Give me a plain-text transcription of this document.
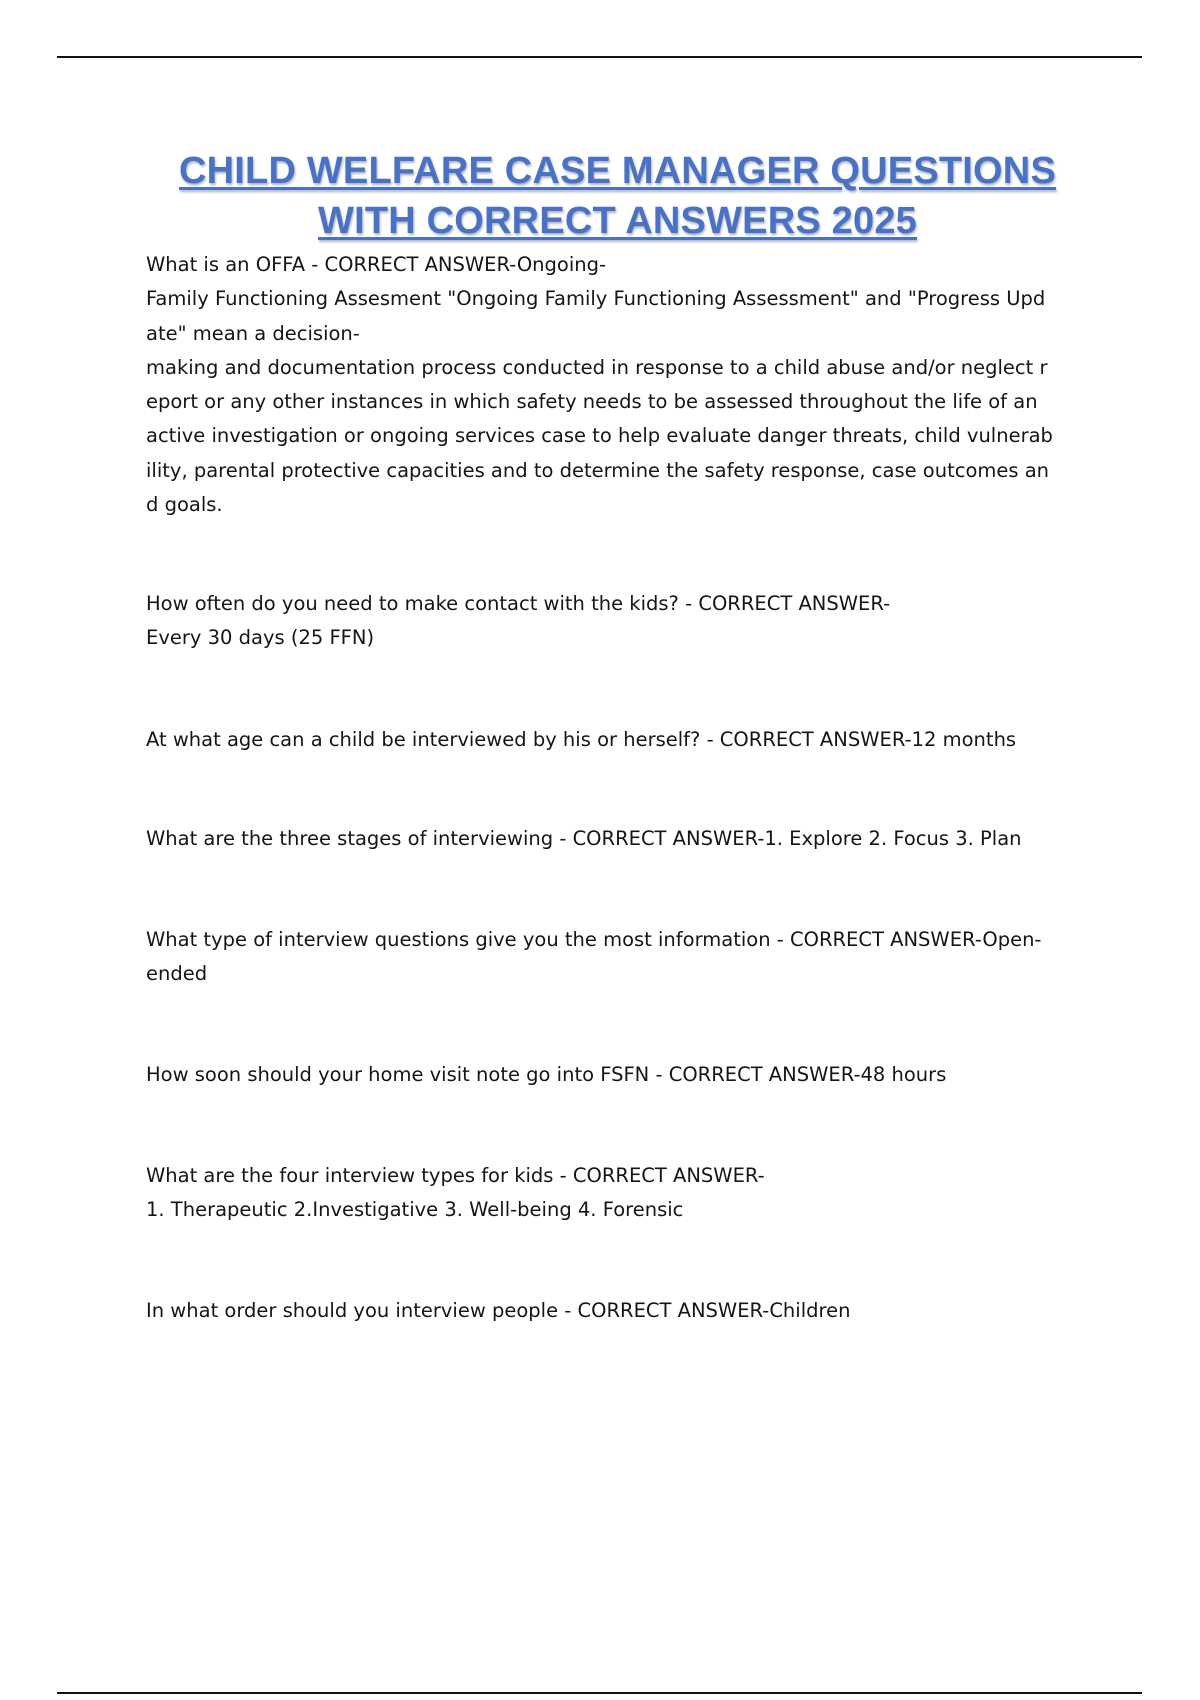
CHILD WELFARE CASE MANAGER QUESTIONS
WITH CORRECT ANSWERS 2025

What is an OFFA - CORRECT ANSWER-Ongoing-

Family Functioning Assesment "Ongoing Family Functioning Assessment" and "Progress Upd

ate" mean a decision-

making and documentation process conducted in response to a child abuse and/or neglect r

eport or any other instances in which safety needs to be assessed throughout the life of an

active investigation or ongoing services case to help evaluate danger threats, child vulnerab

ility, parental protective capacities and to determine the safety response, case outcomes an

d goals.

How often do you need to make contact with the kids? - CORRECT ANSWER-

Every 30 days (25 FFN)

At what age can a child be interviewed by his or herself? - CORRECT ANSWER-12 months

What are the three stages of interviewing - CORRECT ANSWER-1. Explore 2. Focus 3. Plan

What type of interview questions give you the most information - CORRECT ANSWER-Open-

ended

How soon should your home visit note go into FSFN - CORRECT ANSWER-48 hours

What are the four interview types for kids - CORRECT ANSWER-

1. Therapeutic 2.Investigative 3. Well-being 4. Forensic

In what order should you interview people - CORRECT ANSWER-Children
